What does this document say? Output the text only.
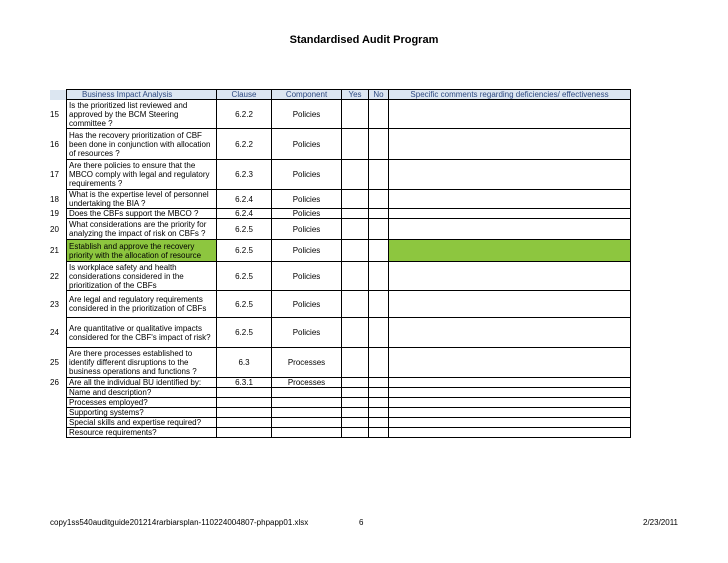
Standardised Audit Program
	Business Impact Analysis	Clause	Component	Yes	No	Specific comments regarding deficiencies/ effectiveness
15	Is the prioritized list reviewed and approved by the BCM Steering committee ?	6.2.2	Policies			
16	Has the recovery prioritization of CBF been done in conjunction with allocation of resources ?	6.2.2	Policies			
17	Are there policies to ensure that the MBCO comply with legal and regulatory requirements ?	6.2.3	Policies			
18	What is the expertise level of personnel undertaking the BIA ?	6.2.4	Policies			
19	Does the CBFs support the MBCO ?	6.2.4	Policies			
20	What considerations are the priority for analyzing the impact of risk on CBFs ?	6.2.5	Policies			
21	Establish and approve the recovery priority with the allocation of resource	6.2.5	Policies			
22	Is workplace safety and health considerations considered in the prioritization of the CBFs	6.2.5	Policies			
23	Are legal and regulatory requirements considered in the prioritization of CBFs	6.2.5	Policies			
24	Are quantitative or qualitative impacts considered for the CBF's impact of risk?	6.2.5	Policies			
25	Are there processes established to identify different disruptions to the business operations and functions ?	6.3	Processes			
26	Are all the individual BU identified by:	6.3.1	Processes			
	Name and description?					
	Processes employed?					
	Supporting systems?					
	Special skills and expertise required?					
	Resource requirements?					
copy1ss540auditguide201214rarbiarsplan-110224004807-phpapp01.xlsx	6	2/23/2011
